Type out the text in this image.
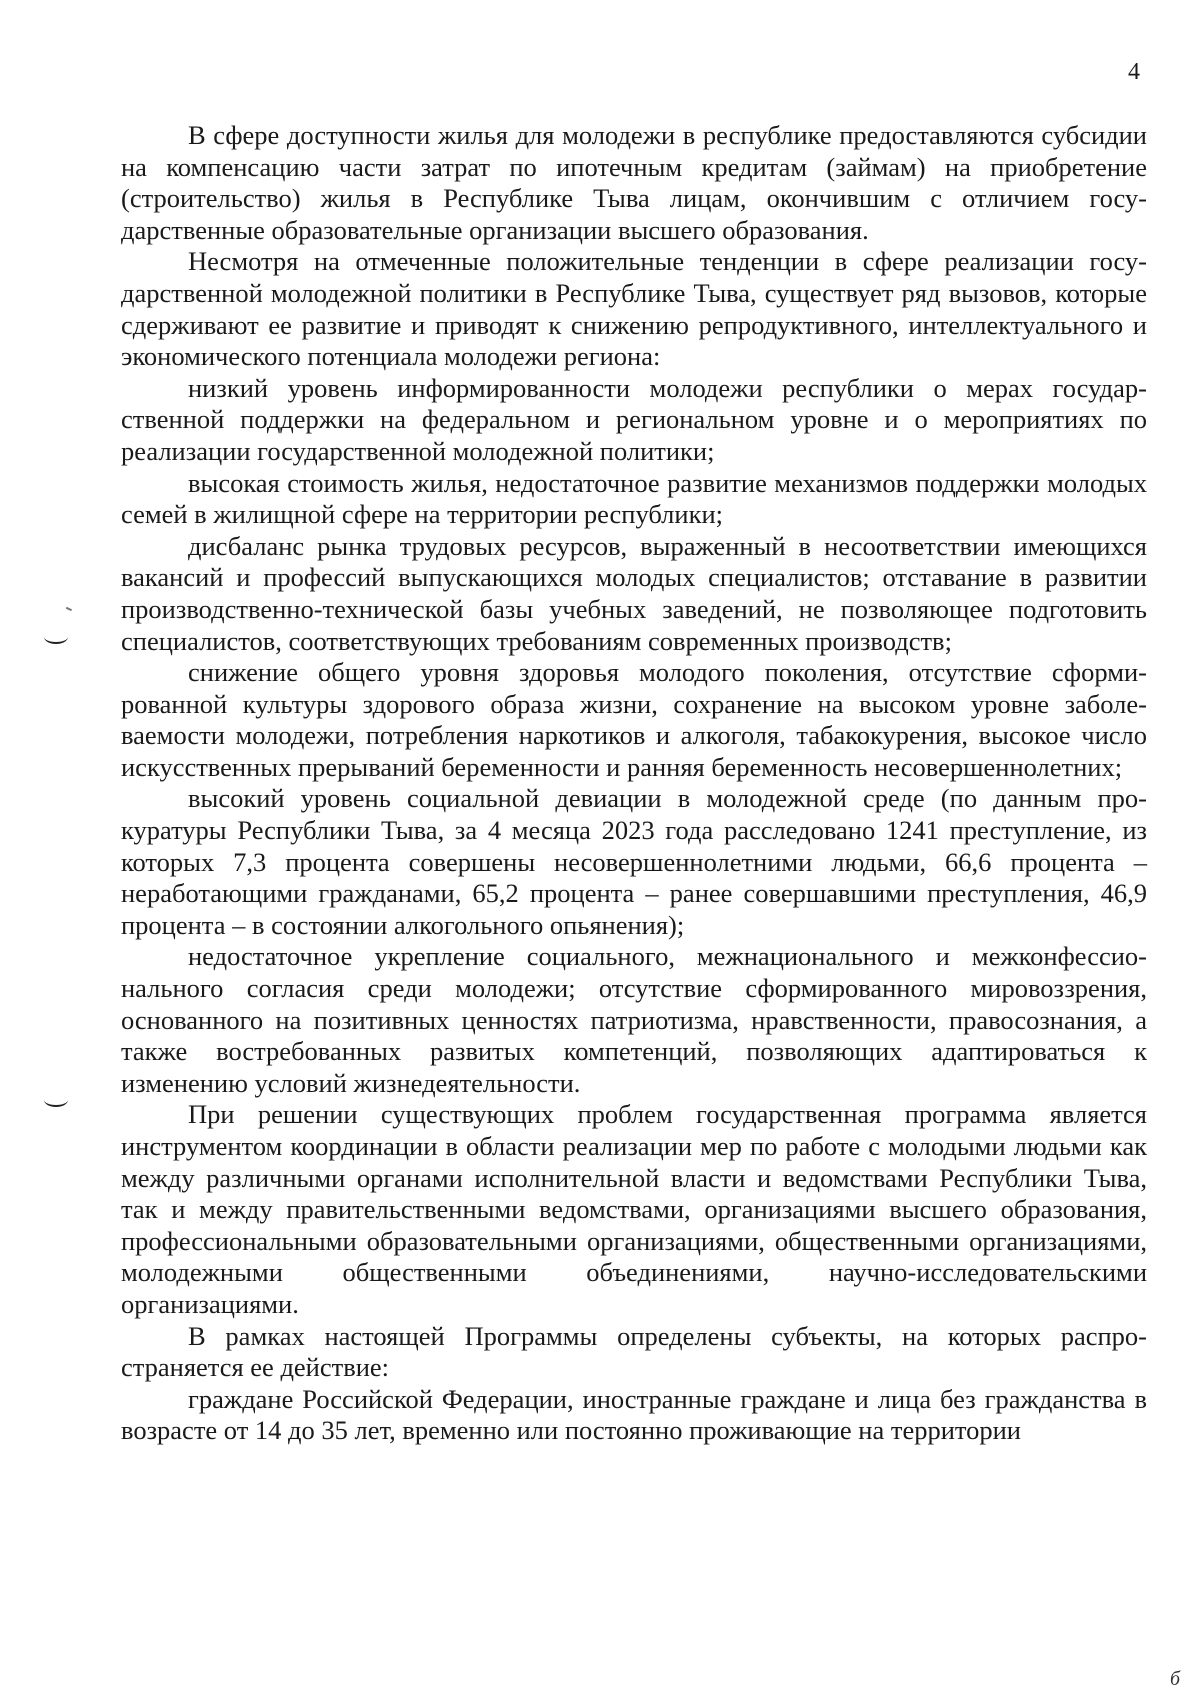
4

В сфере доступности жилья для молодежи в республике предоставляются субсидии на компенсацию части затрат по ипотечным кредитам (займам) на приобретение (строительство) жилья в Республике Тыва лицам, окончившим с отличием государственные образовательные организации высшего образования.

Несмотря на отмеченные положительные тенденции в сфере реализации государственной молодежной политики в Республике Тыва, существует ряд вызовов, которые сдерживают ее развитие и приводят к снижению репродуктивного, интеллектуального и экономического потенциала молодежи региона:

низкий уровень информированности молодежи республики о мерах государственной поддержки на федеральном и региональном уровне и о мероприятиях по реализации государственной молодежной политики;

высокая стоимость жилья, недостаточное развитие механизмов поддержки молодых семей в жилищной сфере на территории республики;

дисбаланс рынка трудовых ресурсов, выраженный в несоответствии имеющихся вакансий и профессий выпускающихся молодых специалистов; отставание в развитии производственно-технической базы учебных заведений, не позволяющее подготовить специалистов, соответствующих требованиям современных производств;

снижение общего уровня здоровья молодого поколения, отсутствие сформированной культуры здорового образа жизни, сохранение на высоком уровне заболеваемости молодежи, потребления наркотиков и алкоголя, табакокурения, высокое число искусственных прерываний беременности и ранняя беременность несовершеннолетних;

высокий уровень социальной девиации в молодежной среде (по данным прокуратуры Республики Тыва, за 4 месяца 2023 года расследовано 1241 преступление, из которых 7,3 процента совершены несовершеннолетними людьми, 66,6 процента – неработающими гражданами, 65,2 процента – ранее совершавшими преступления, 46,9 процента – в состоянии алкогольного опьянения);

недостаточное укрепление социального, межнационального и межконфессионального согласия среди молодежи; отсутствие сформированного мировоззрения, основанного на позитивных ценностях патриотизма, нравственности, правосознания, а также востребованных развитых компетенций, позволяющих адаптироваться к изменению условий жизнедеятельности.

При решении существующих проблем государственная программа является инструментом координации в области реализации мер по работе с молодыми людьми как между различными органами исполнительной власти и ведомствами Республики Тыва, так и между правительственными ведомствами, организациями высшего образования, профессиональными образовательными организациями, общественными организациями, молодежными общественными объединениями, научно-исследовательскими организациями.

В рамках настоящей Программы определены субъекты, на которых распространяется ее действие:

граждане Российской Федерации, иностранные граждане и лица без гражданства в возрасте от 14 до 35 лет, временно или постоянно проживающие на территории

б
